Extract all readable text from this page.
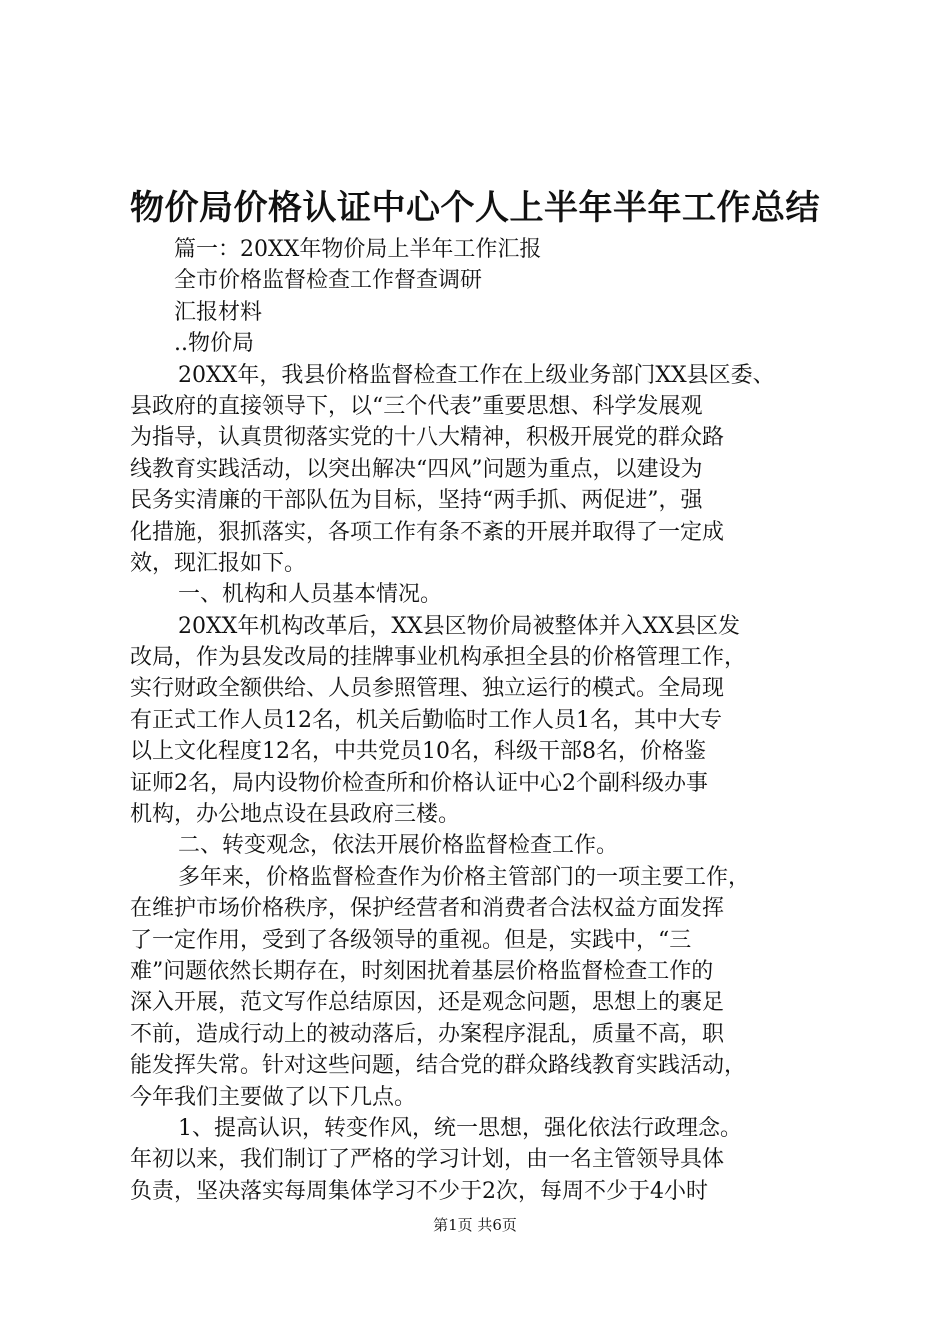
物价局价格认证中心个人上半年半年工作总结
篇一：20XX年物价局上半年工作汇报
全市价格监督检查工作督查调研
汇报材料
..物价局
20XX年，我县价格监督检查工作在上级业务部门XX县区委、
县政府的直接领导下，以“三个代表”重要思想、科学发展观
为指导，认真贯彻落实党的十八大精神，积极开展党的群众路
线教育实践活动，以突出解决“四风”问题为重点，以建设为
民务实清廉的干部队伍为目标，坚持“两手抓、两促进”，强
化措施，狠抓落实，各项工作有条不紊的开展并取得了一定成
效，现汇报如下。
一、机构和人员基本情况。
20XX年机构改革后，XX县区物价局被整体并入XX县区发
改局，作为县发改局的挂牌事业机构承担全县的价格管理工作，
实行财政全额供给、人员参照管理、独立运行的模式。全局现
有正式工作人员12名，机关后勤临时工作人员1名，其中大专
以上文化程度12名，中共党员10名，科级干部8名，价格鉴
证师2名，局内设物价检查所和价格认证中心2个副科级办事
机构，办公地点设在县政府三楼。
二、转变观念，依法开展价格监督检查工作。
多年来，价格监督检查作为价格主管部门的一项主要工作，
在维护市场价格秩序，保护经营者和消费者合法权益方面发挥
了一定作用，受到了各级领导的重视。但是，实践中，“三
难”问题依然长期存在，时刻困扰着基层价格监督检查工作的
深入开展，范文写作总结原因，还是观念问题，思想上的裹足
不前，造成行动上的被动落后，办案程序混乱，质量不高，职
能发挥失常。针对这些问题，结合党的群众路线教育实践活动，
今年我们主要做了以下几点。
1、提高认识，转变作风，统一思想，强化依法行政理念。
年初以来，我们制订了严格的学习计划，由一名主管领导具体
负责，坚决落实每周集体学习不少于2次，每周不少于4小时
第1页 共6页
